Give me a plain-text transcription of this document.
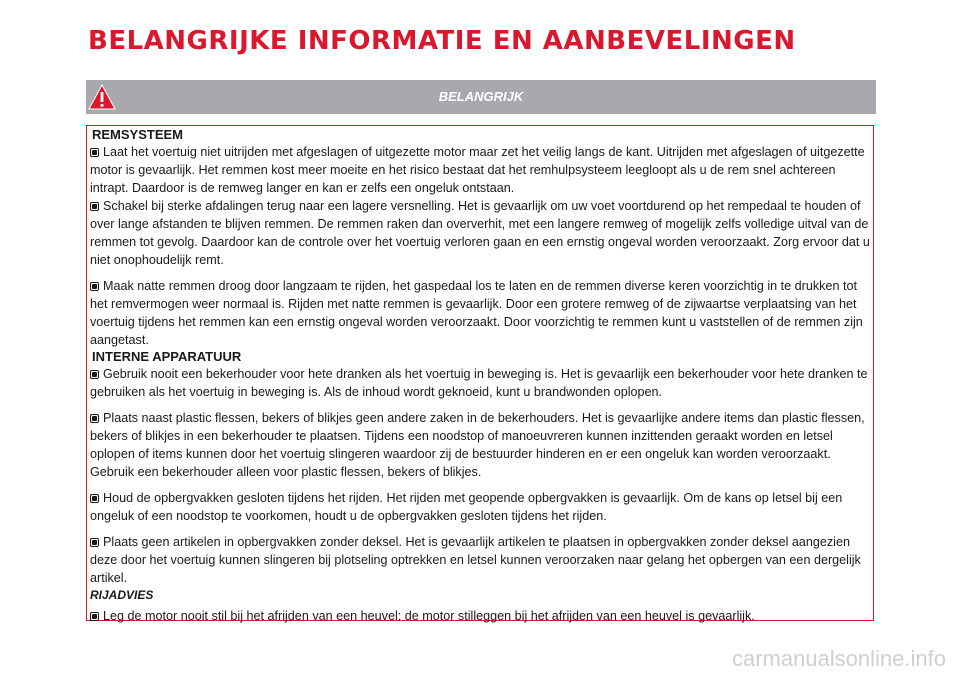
BELANGRIJKE INFORMATIE EN AANBEVELINGEN
BELANGRIJK
REMSYSTEEM

Laat het voertuig niet uitrijden met afgeslagen of uitgezette motor maar zet het veilig langs de kant. Uitrijden met afgeslagen of uitgezette motor is gevaarlijk. Het remmen kost meer moeite en het risico bestaat dat het remhulpsysteem leegloopt als u de rem snel achtereen intrapt. Daardoor is de remweg langer en kan er zelfs een ongeluk ontstaan.

Schakel bij sterke afdalingen terug naar een lagere versnelling. Het is gevaarlijk om uw voet voortdurend op het rempedaal te houden of over lange afstanden te blijven remmen. De remmen raken dan oververhit, met een langere remweg of mogelijk zelfs volledige uitval van de remmen tot gevolg. Daardoor kan de controle over het voertuig verloren gaan en een ernstig ongeval worden veroorzaakt. Zorg ervoor dat u niet onophoudelijk remt.

Maak natte remmen droog door langzaam te rijden, het gaspedaal los te laten en de remmen diverse keren voorzichtig in te drukken tot het remvermogen weer normaal is. Rijden met natte remmen is gevaarlijk. Door een grotere remweg of de zijwaartse verplaatsing van het voertuig tijdens het remmen kan een ernstig ongeval worden veroorzaakt. Door voorzichtig te remmen kunt u vaststellen of de remmen zijn aangetast.

INTERNE APPARATUUR

Gebruik nooit een bekerhouder voor hete dranken als het voertuig in beweging is. Het is gevaarlijk een bekerhouder voor hete dranken te gebruiken als het voertuig in beweging is. Als de inhoud wordt geknoeid, kunt u brandwonden oplopen.

Plaats naast plastic flessen, bekers of blikjes geen andere zaken in de bekerhouders. Het is gevaarlijke andere items dan plastic flessen, bekers of blikjes in een bekerhouder te plaatsen. Tijdens een noodstop of manoeuvreren kunnen inzittenden geraakt worden en letsel oplopen of items kunnen door het voertuig slingeren waardoor zij de bestuurder hinderen en er een ongeluk kan worden veroorzaakt. Gebruik een bekerhouder alleen voor plastic flessen, bekers of blikjes.

Houd de opbergvakken gesloten tijdens het rijden. Het rijden met geopende opbergvakken is gevaarlijk. Om de kans op letsel bij een ongeluk of een noodstop te voorkomen, houdt u de opbergvakken gesloten tijdens het rijden.

Plaats geen artikelen in opbergvakken zonder deksel. Het is gevaarlijk artikelen te plaatsen in opbergvakken zonder deksel aangezien deze door het voertuig kunnen slingeren bij plotseling optrekken en letsel kunnen veroorzaken naar gelang het opbergen van een dergelijk artikel.

RIJADVIES

Leg de motor nooit stil bij het afrijden van een heuvel: de motor stilleggen bij het afrijden van een heuvel is gevaarlijk.

carmanualsonline.info
